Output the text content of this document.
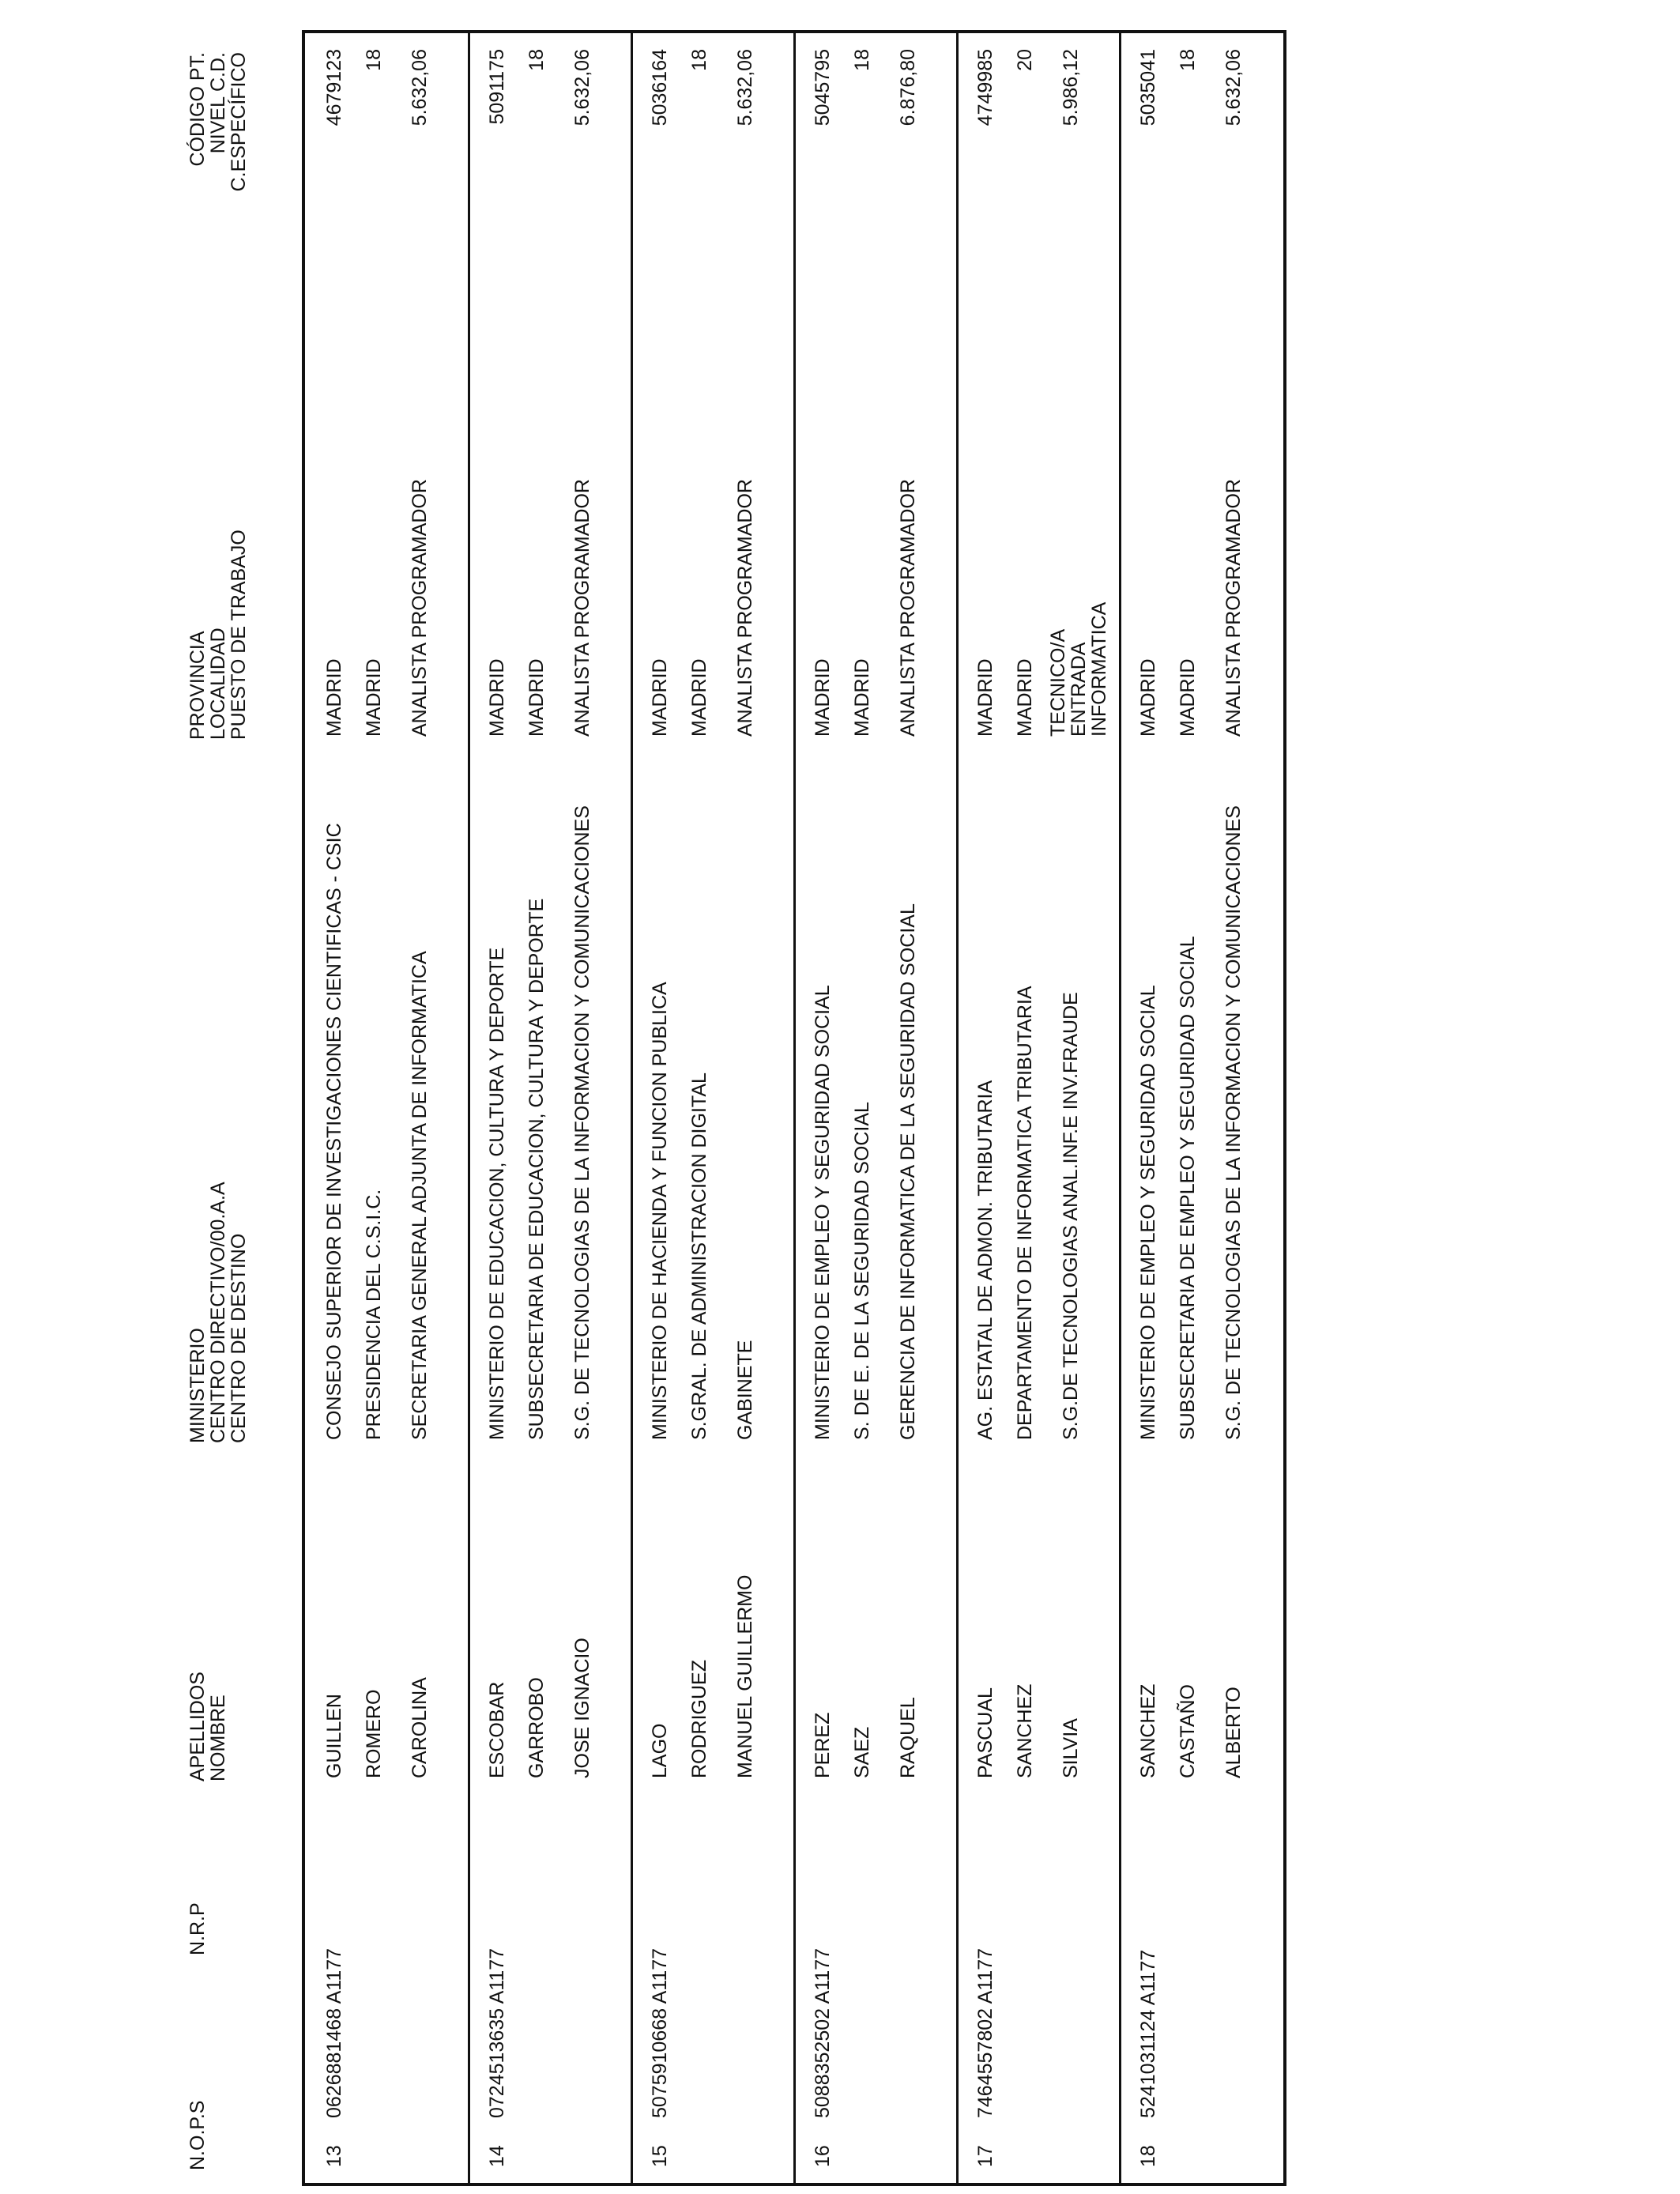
N.O.P.S
N.R.P
APELLIDOS
NOMBRE
MINISTERIO
CENTRO DIRECTIVO/00.A.A
CENTRO DE DESTINO
PROVINCIA
LOCALIDAD
PUESTO DE TRABAJO
CÓDIGO PT.
NIVEL C.D.
C.ESPECÍFICO
13
0626881468 A1177
GUILLEN ROMERO CAROLINA
CONSEJO SUPERIOR DE INVESTIGACIONES CIENTIFICAS - CSIC PRESIDENCIA DEL C.S.I.C. SECRETARIA GENERAL ADJUNTA DE INFORMATICA
MADRID MADRID ANALISTA PROGRAMADOR
4679123 18 5.632,06
14
0724513635 A1177
ESCOBAR GARROBO JOSE IGNACIO
MINISTERIO DE EDUCACION, CULTURA Y DEPORTE SUBSECRETARIA DE EDUCACION, CULTURA Y DEPORTE S.G. DE TECNOLOGIAS DE LA INFORMACION Y COMUNICACIONES
MADRID MADRID ANALISTA PROGRAMADOR
5091175 18 5.632,06
15
5075910668 A1177
LAGO RODRIGUEZ MANUEL GUILLERMO
MINISTERIO DE HACIENDA Y FUNCION PUBLICA S.GRAL. DE ADMINISTRACION DIGITAL GABINETE
MADRID MADRID ANALISTA PROGRAMADOR
5036164 18 5.632,06
16
5088352502 A1177
PEREZ SAEZ RAQUEL
MINISTERIO DE EMPLEO Y SEGURIDAD SOCIAL S. DE E. DE LA SEGURIDAD SOCIAL GERENCIA DE INFORMATICA DE LA SEGURIDAD SOCIAL
MADRID MADRID ANALISTA PROGRAMADOR
5045795 18 6.876,80
17
7464557802 A1177
PASCUAL SANCHEZ SILVIA
AG. ESTATAL DE ADMON. TRIBUTARIA DEPARTAMENTO DE INFORMATICA TRIBUTARIA S.G.DE TECNOLOGIAS ANAL.INF.E INV.FRAUDE
MADRID MADRID TECNICO/A ENTRADA INFORMATICA
4749985 20 5.986,12
18
5241031124 A1177
SANCHEZ CASTAÑO ALBERTO
MINISTERIO DE EMPLEO Y SEGURIDAD SOCIAL SUBSECRETARIA DE EMPLEO Y SEGURIDAD SOCIAL S.G. DE TECNOLOGIAS DE LA INFORMACION Y COMUNICACIONES
MADRID MADRID ANALISTA PROGRAMADOR
5035041 18 5.632,06
